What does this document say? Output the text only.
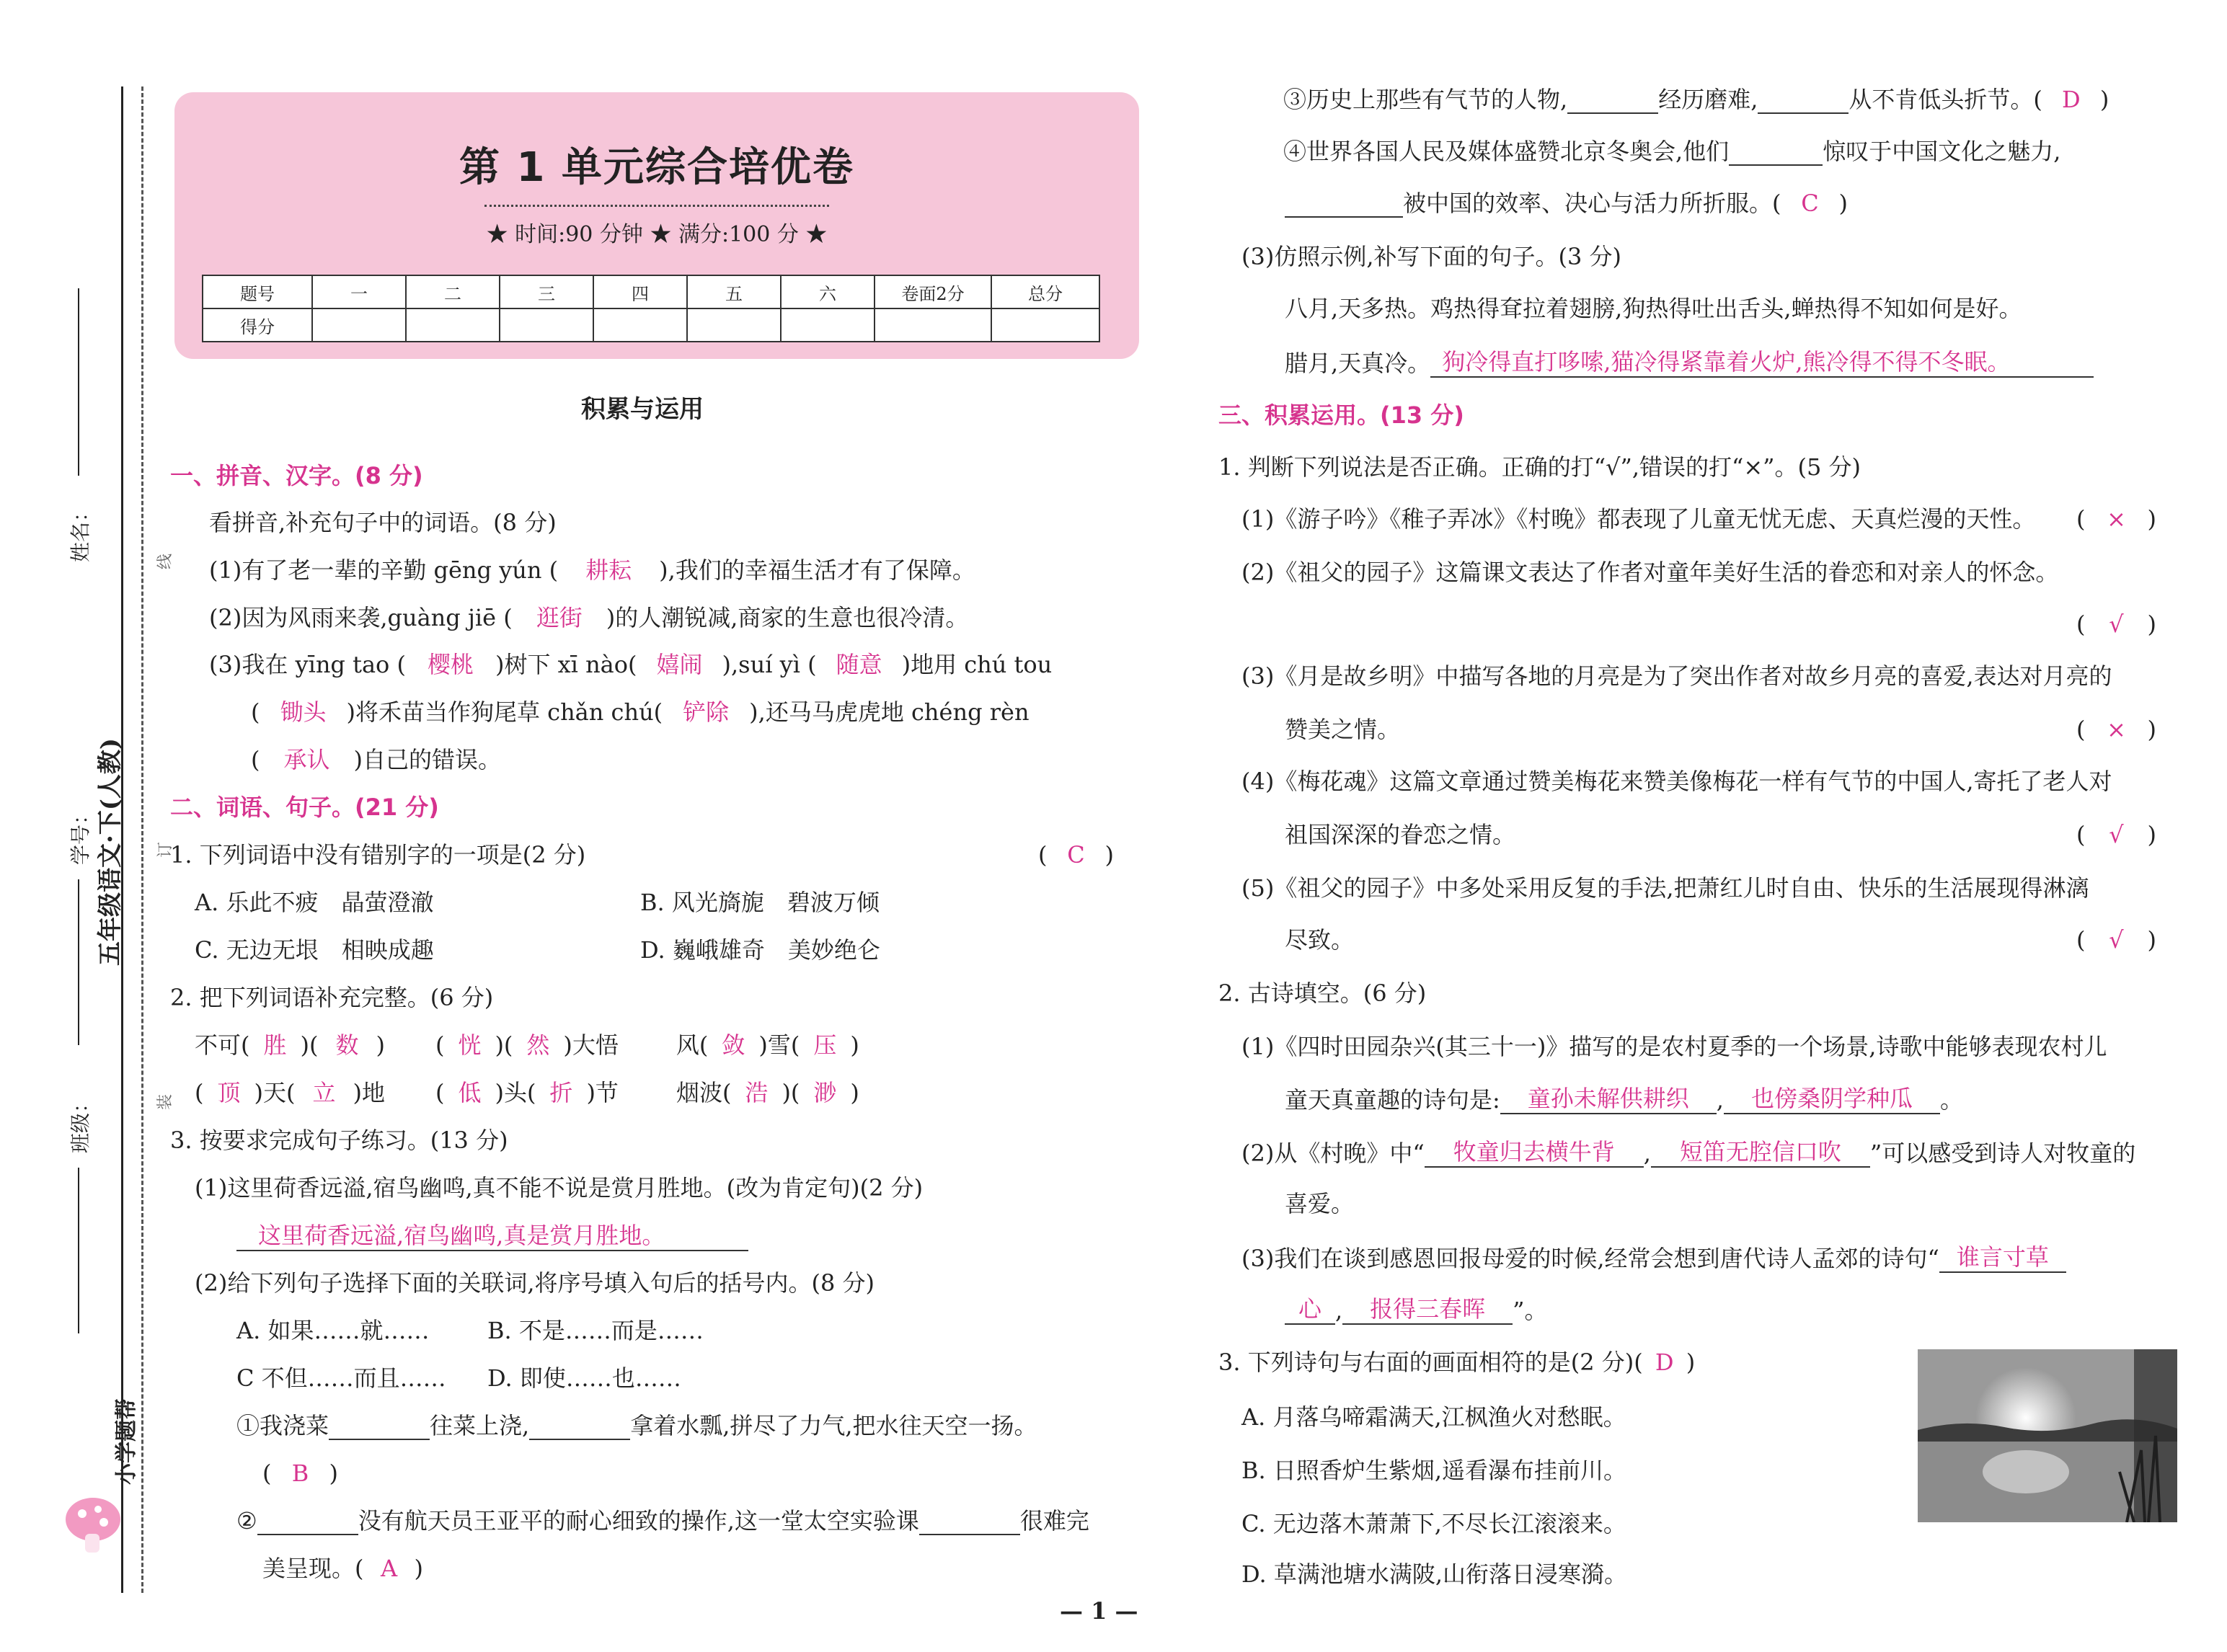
姓名：
五年级语文·下(人教)
学号：
班级：
小学题帮
线
订
装
第 1 单元综合培优卷
★ 时间:90 分钟 ★ 满分:100 分 ★
题号	一	二	三	四	五	六	卷面2分	总分
得分								
积累与运用
一、拼音、汉字。(8 分)
看拼音,补充句子中的词语。(8 分)
(1)有了老一辈的辛勤 gēng yún ( 耕耘 ),我们的幸福生活才有了保障。
(2)因为风雨来袭,guàng jiē ( 逛街 )的人潮锐减,商家的生意也很冷清。
(3)我在 yīng tao ( 樱桃 )树下 xī nào( 嬉闹 ),suí yì ( 随意 )地用 chú tou
( 锄头 )将禾苗当作狗尾草 chǎn chú( 铲除 ),还马马虎虎地 chéng rèn
( 承认 )自己的错误。
二、词语、句子。(21 分)
1. 下列词语中没有错别字的一项是(2 分)	( C )
A. 乐此不疲　晶萤澄澈	B. 风光旖旎　碧波万倾
C. 无边无垠　相映成趣	D. 巍峨雄奇　美妙绝仑
2. 把下列词语补充完整。(6 分)
不可( 胜 )( 数 ) ( 恍 )( 然 )大悟	风( 敛 )雪( 压 )
( 顶 )天( 立 )地 ( 低 )头( 折 )节	烟波( 浩 )( 渺 )
3. 按要求完成句子练习。(13 分)
(1)这里荷香远溢,宿鸟幽鸣,真不能不说是赏月胜地。(改为肯定句)(2 分)
这里荷香远溢,宿鸟幽鸣,真是赏月胜地。
(2)给下列句子选择下面的关联词,将序号填入句后的括号内。(8 分)
A. 如果……就……	B. 不是……而是……
C 不但……而且…… D. 即使……也……
①我浇菜	往菜上浇,	拿着水瓢,拼尽了力气,把水往天空一扬。
( B )
②	没有航天员王亚平的耐心细致的操作,这一堂太空实验课	很难完
美呈现。( A )
③历史上那些有气节的人物,	经历磨难,	从不肯低头折节。( D )
④世界各国人民及媒体盛赞北京冬奥会,他们	惊叹于中国文化之魅力,
被中国的效率、决心与活力所折服。( C )
(3)仿照示例,补写下面的句子。(3 分)
八月,天多热。鸡热得耷拉着翅膀,狗热得吐出舌头,蝉热得不知如何是好。
腊月,天真冷。 狗冷得直打哆嗦,猫冷得紧靠着火炉,熊冷得不得不冬眠。
三、积累运用。(13 分)
1. 判断下列说法是否正确。正确的打“√”,错误的打“×”。(5 分)
(1)《游子吟》《稚子弄冰》《村晚》都表现了儿童无忧无虑、天真烂漫的天性。 ( × )
(2)《祖父的园子》这篇课文表达了作者对童年美好生活的眷恋和对亲人的怀念。
( √ )
(3)《月是故乡明》中描写各地的月亮是为了突出作者对故乡月亮的喜爱,表达对月亮的
赞美之情。	( × )
(4)《梅花魂》这篇文章通过赞美梅花来赞美像梅花一样有气节的中国人,寄托了老人对
祖国深深的眷恋之情。	( √ )
(5)《祖父的园子》中多处采用反复的手法,把萧红儿时自由、快乐的生活展现得淋漓
尽致。	( √ )
2. 古诗填空。(6 分)
(1)《四时田园杂兴(其三十一)》描写的是农村夏季的一个场景,诗歌中能够表现农村儿
童天真童趣的诗句是: 童孙未解供耕织 , 也傍桑阴学种瓜 。
(2)从《村晚》中“ 牧童归去横牛背 , 短笛无腔信口吹 ”可以感受到诗人对牧童的
喜爱。
(3)我们在谈到感恩回报母爱的时候,经常会想到唐代诗人孟郊的诗句“ 谁言寸草
心 , 报得三春晖 ”。
3. 下列诗句与右面的画面相符的是(2 分)( D )
A. 月落乌啼霜满天,江枫渔火对愁眠。
B. 日照香炉生紫烟,遥看瀑布挂前川。
C. 无边落木萧萧下,不尽长江滚滚来。
D. 草满池塘水满陂,山衔落日浸寒漪。
— 1 —
